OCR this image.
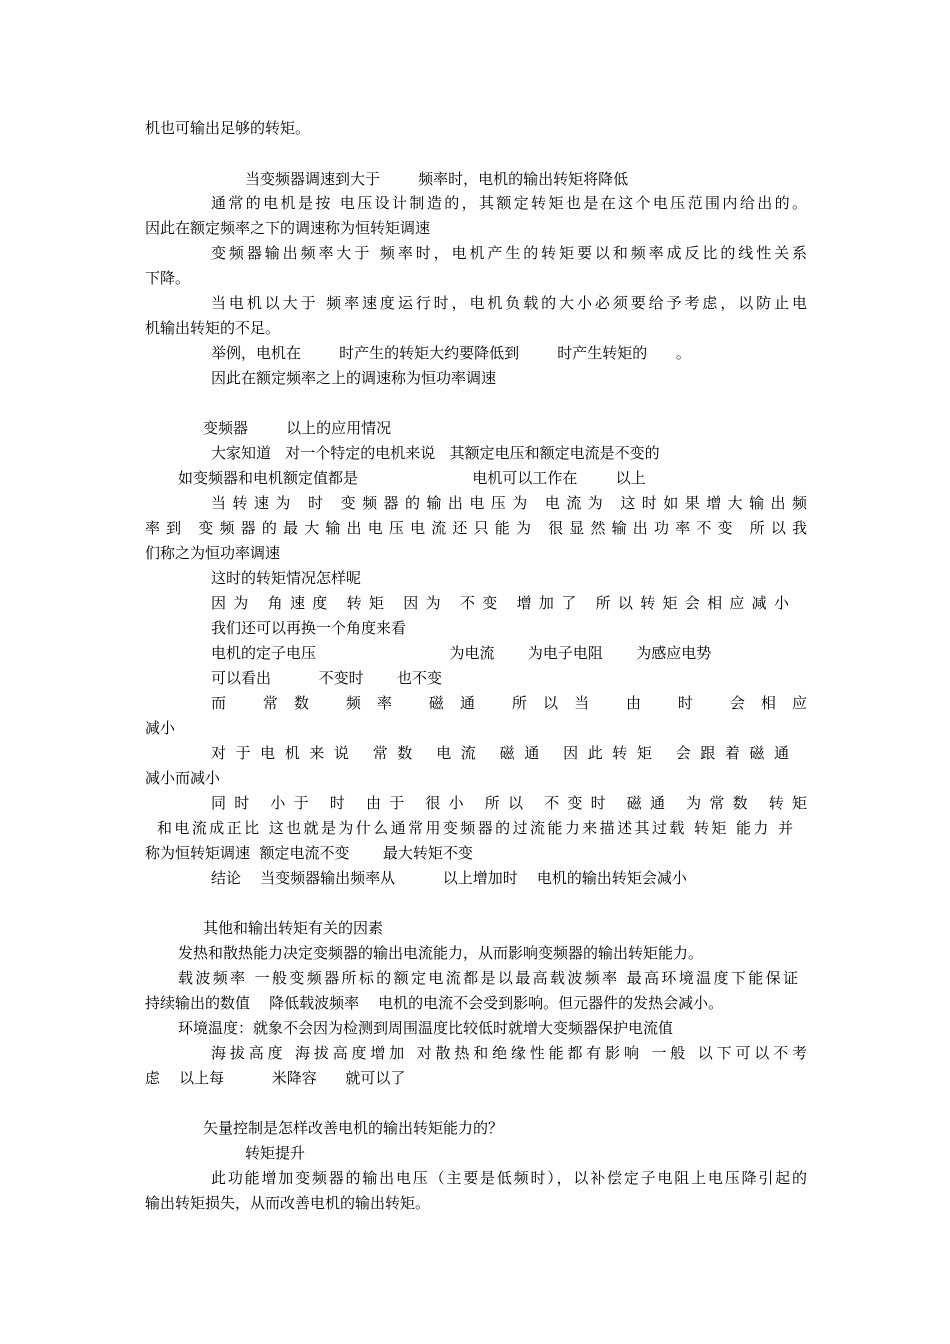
机也可输出足够的转矩。
当变频器调速到大于        频率时，电机的输出转矩将降低
通常的电机是按 电压设计制造的，其额定转矩也是在这个电压范围内给出的。
因此在额定频率之下的调速称为恒转矩调速
变频器输出频率大于 频率时，电机产生的转矩要以和频率成反比的线性关系
下降。
当电机以大于 频率速度运行时，电机负载的大小必须要给予考虑，以防止电
机输出转矩的不足。
举例，电机在        时产生的转矩大约要降低到        时产生转矩的      。
因此在额定频率之上的调速称为恒功率调速
变频器        以上的应用情况
大家知道   对一个特定的电机来说   其额定电压和额定电流是不变的
如变频器和电机额定值都是                        电机可以工作在        以上
当转速为 时 变频器的输出电压为 电流为 这时如果增大输出频
率到 变频器的最大输出电压电流还只能为 很显然输出功率不变 所以我
们称之为恒功率调速
这时的转矩情况怎样呢
因为 角速度 转矩 因为 不变 增加了 所以转矩会相应减小
我们还可以再换一个角度来看
电机的定子电压                            为电流       为电子电阻       为感应电势
可以看出          不变时       也不变
而 常数 频率 磁通 所以当 由 时 会相应
减小
对于电机来说 常数 电流 磁通 因此转矩 会跟着磁通
减小而减小
同时 小于 时 由于 很小 所以 不变时 磁通 为常数 转矩
和电流成正比 这也就是为什么通常用变频器的过流能力来描述其过载 转矩 能力 并
称为恒转矩调速  额定电流不变       最大转矩不变
结论    当变频器输出频率从          以上增加时    电机的输出转矩会减小
其他和输出转矩有关的因素
发热和散热能力决定变频器的输出电流能力，从而影响变频器的输出转矩能力。
载波频率 一般变频器所标的额定电流都是以最高载波频率 最高环境温度下能保证
持续输出的数值    降低载波频率    电机的电流不会受到影响。但元器件的发热会减小。
环境温度：就象不会因为检测到周围温度比较低时就增大变频器保护电流值
海拔高度 海拔高度增加 对散热和绝缘性能都有影响 一般 以下可以不考
虑    以上每          米降容      就可以了
矢量控制是怎样改善电机的输出转矩能力的？
转矩提升
此功能增加变频器的输出电压（主要是低频时），以补偿定子电阻上电压降引起的
输出转矩损失，从而改善电机的输出转矩。
